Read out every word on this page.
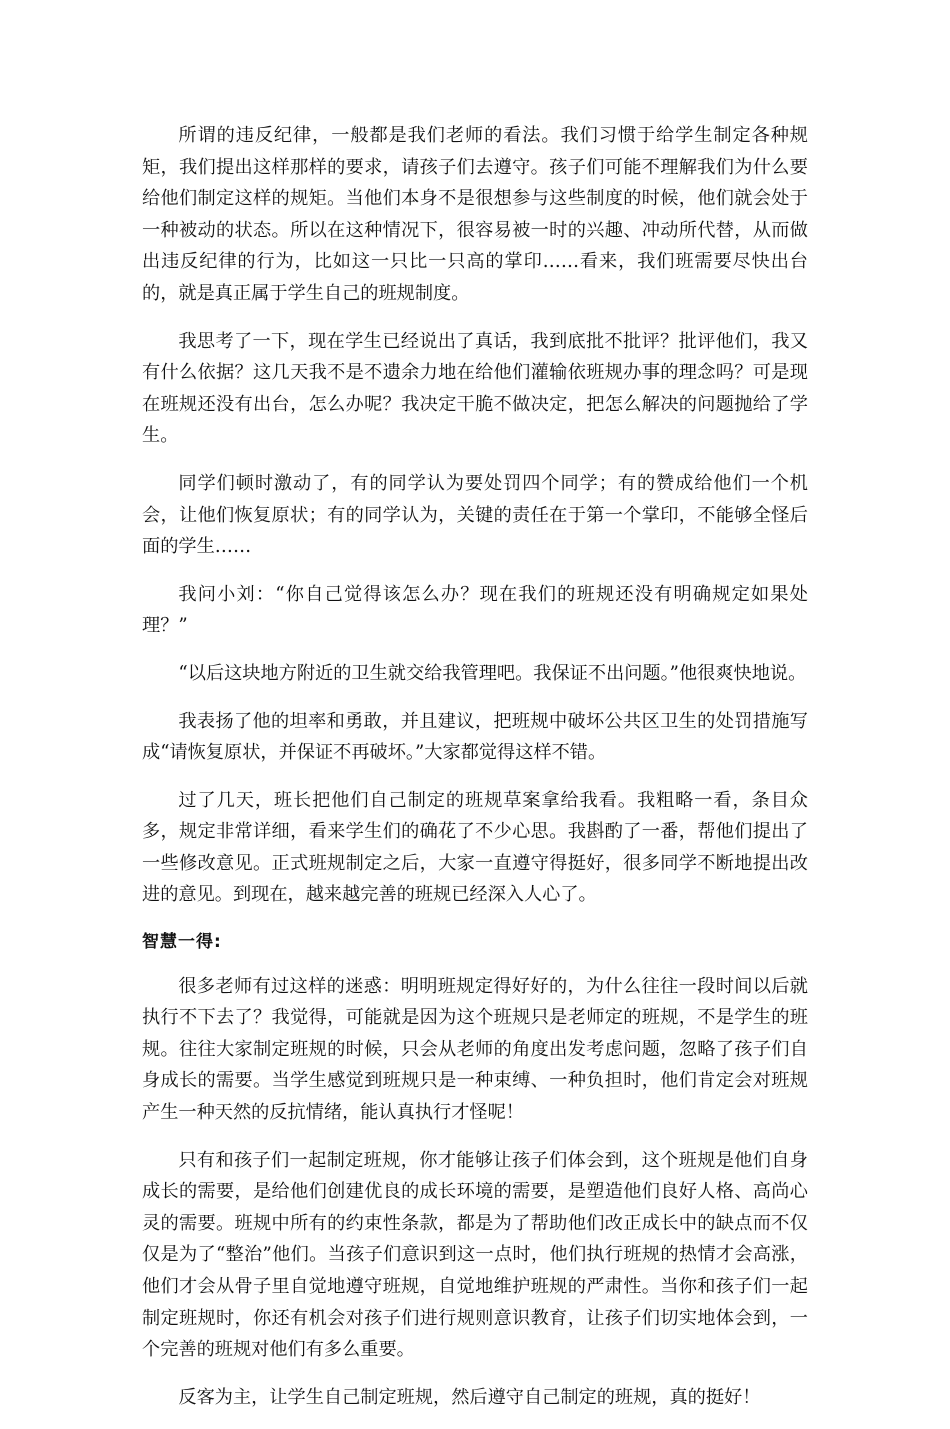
所谓的违反纪律，一般都是我们老师的看法。我们习惯于给学生制定各种规矩，我们提出这样那样的要求，请孩子们去遵守。孩子们可能不理解我们为什么要给他们制定这样的规矩。当他们本身不是很想参与这些制度的时候，他们就会处于一种被动的状态。所以在这种情况下，很容易被一时的兴趣、冲动所代替，从而做出违反纪律的行为，比如这一只比一只高的掌印……看来，我们班需要尽快出台的，就是真正属于学生自己的班规制度。

我思考了一下，现在学生已经说出了真话，我到底批不批评？批评他们，我又有什么依据？这几天我不是不遗余力地在给他们灌输依班规办事的理念吗？可是现在班规还没有出台，怎么办呢？我决定干脆不做决定，把怎么解决的问题抛给了学生。

同学们顿时激动了，有的同学认为要处罚四个同学；有的赞成给他们一个机会，让他们恢复原状；有的同学认为，关键的责任在于第一个掌印，不能够全怪后面的学生……

我问小刘：“你自己觉得该怎么办？现在我们的班规还没有明确规定如果处理？”

“以后这块地方附近的卫生就交给我管理吧。我保证不出问题。”他很爽快地说。

我表扬了他的坦率和勇敢，并且建议，把班规中破坏公共区卫生的处罚措施写成“请恢复原状，并保证不再破坏。”大家都觉得这样不错。

过了几天，班长把他们自己制定的班规草案拿给我看。我粗略一看，条目众多，规定非常详细，看来学生们的确花了不少心思。我斟酌了一番，帮他们提出了一些修改意见。正式班规制定之后，大家一直遵守得挺好，很多同学不断地提出改进的意见。到现在，越来越完善的班规已经深入人心了。

智慧一得:

很多老师有过这样的迷惑：明明班规定得好好的，为什么往往一段时间以后就执行不下去了？我觉得，可能就是因为这个班规只是老师定的班规，不是学生的班规。往往大家制定班规的时候，只会从老师的角度出发考虑问题，忽略了孩子们自身成长的需要。当学生感觉到班规只是一种束缚、一种负担时，他们肯定会对班规产生一种天然的反抗情绪，能认真执行才怪呢！

只有和孩子们一起制定班规，你才能够让孩子们体会到，这个班规是他们自身成长的需要，是给他们创建优良的成长环境的需要，是塑造他们良好人格、高尚心灵的需要。班规中所有的约束性条款，都是为了帮助他们改正成长中的缺点而不仅仅是为了“整治”他们。当孩子们意识到这一点时，他们执行班规的热情才会高涨，他们才会从骨子里自觉地遵守班规，自觉地维护班规的严肃性。当你和孩子们一起制定班规时，你还有机会对孩子们进行规则意识教育，让孩子们切实地体会到，一个完善的班规对他们有多么重要。

反客为主，让学生自己制定班规，然后遵守自己制定的班规，真的挺好！
